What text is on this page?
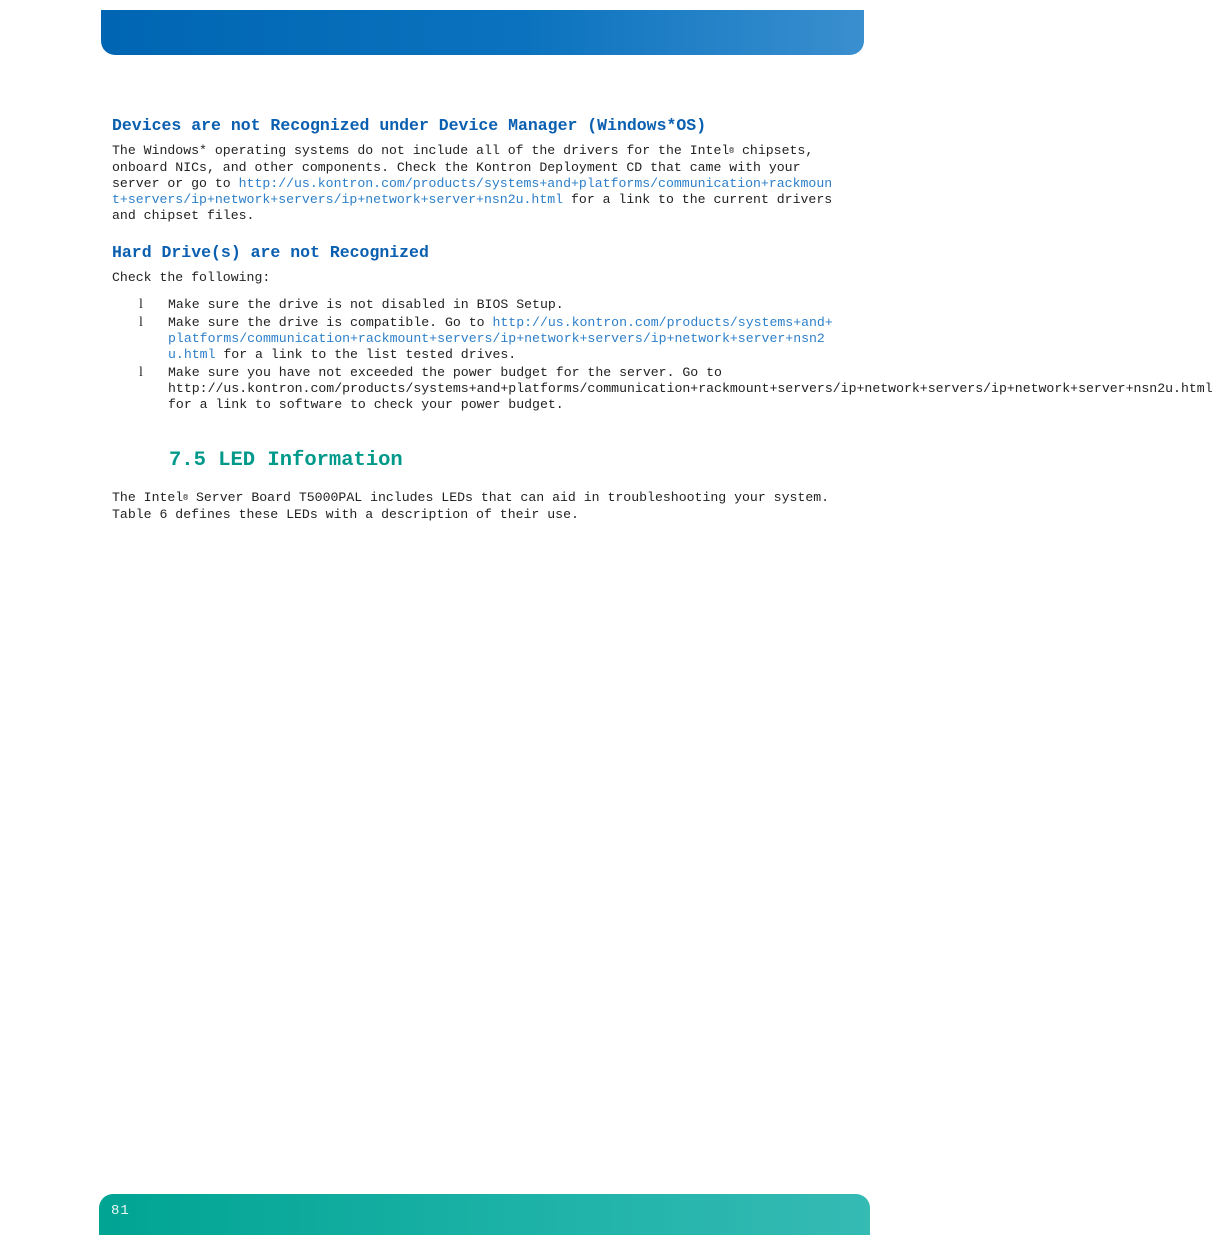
Devices are not Recognized under Device Manager (Windows*OS)

The Windows* operating systems do not include all of the drivers for the Intel® chipsets, onboard NICs, and other components. Check the Kontron Deployment CD that came with your server or go to http://us.kontron.com/products/systems+and+platforms/communication+rackmount+servers/ip+network+servers/ip+network+server+nsn2u.html for a link to the current drivers and chipset files.

Hard Drive(s) are not Recognized

Check the following:

l Make sure the drive is not disabled in BIOS Setup.
l Make sure the drive is compatible. Go to http://us.kontron.com/products/systems+and+platforms/communication+rackmount+servers/ip+network+servers/ip+network+server+nsn2u.html for a link to the list tested drives.
l Make sure you have not exceeded the power budget for the server. Go to http://us.kontron.com/products/systems+and+platforms/communication+rackmount+servers/ip+network+servers/ip+network+server+nsn2u.html for a link to software to check your power budget.
7.5 LED Information

The Intel® Server Board T5000PAL includes LEDs that can aid in troubleshooting your system. Table 6 defines these LEDs with a description of their use.

81
